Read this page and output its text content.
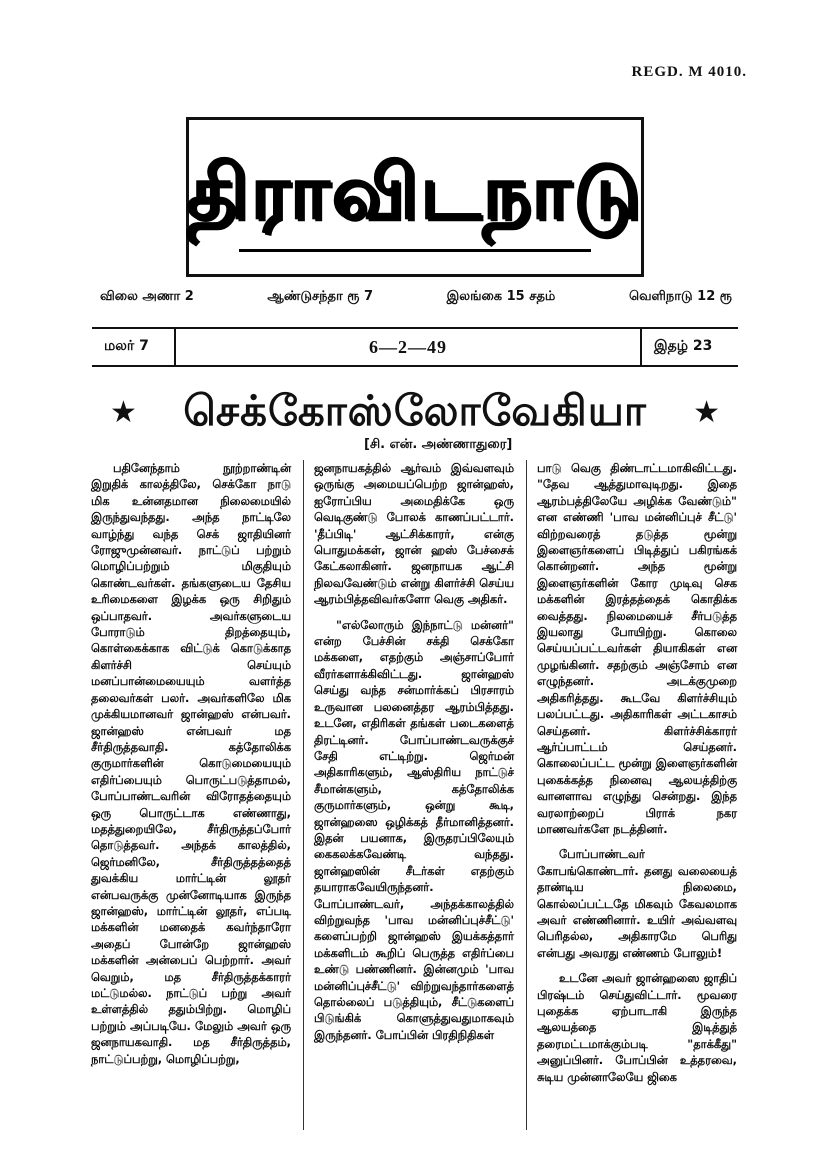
REGD. M 4010.
திராவிடநாடு
விலை அணா 2	ஆண்டுசந்தா ரூ 7	இலங்கை 15 சதம்	வெளிநாடு 12 ரூ
மலர் 7	6—2—49	இதழ் 23
★ செக்கோஸ்லோவேகியா ★
[சி. என். அண்ணாதுரை]

பதினேந்தாம் நூற்றாண்டின் இறுதிக் காலத்திலே, செக்கோ நாடு மிக உன்னதமான நிலைமையில் இருந்துவந்தது. அந்த நாட்டிலே வாழ்ந்து வந்த செக் ஜாதியினர் ரோஜுமுன்னவர். நாட்டுப் பற்றும் மொழிப்பற்றும் மிகுதியும் கொண்டவர்கள். தங்களுடைய தேசிய உரிமைகளை இழக்க ஒரு சிறிதும் ஒப்பாதவர். அவர்களுடைய போராடும் திறத்தையும், கொள்கைக்காக விட்டுக் கொடுக்காத கிளர்ச்சி செய்யும் மனப்பான்மையையும் வளர்த்த தலைவர்கள் பலர். அவர்களிலே மிக முக்கியமானவர் ஜான்ஹஸ் என்பவர். ஜான்ஹஸ் என்பவர் மத சீர்திருத்தவாதி. கத்தோலிக்க குருமார்களின் கொடுமையையும் எதிர்ப்பையும் பொருட்படுத்தாமல், போப்பாண்டவரின் விரோதத்தையும் ஒரு பொருட்டாக எண்ணாது, மதத்துறையிலே, சீர்திருத்தப்போர் தொடுத்தவர். அந்தக் காலத்தில், ஜெர்மனிலே, சீர்திருத்தத்தைத் துவக்கிய மார்ட்டின் லூதர் என்பவருக்கு முன்னோடியாக இருந்த ஜான்ஹஸ், மார்ட்டின் லூதர், எப்படி மக்களின் மனதைக் கவர்ந்தாரோ அதைப் போன்றே ஜான்ஹஸ் மக்களின் அன்பைப் பெற்றார். அவர் வெறும், மத சீர்திருத்தக்காரர் மட்டுமல்ல. நாட்டுப் பற்று அவர் உள்ளத்தில் ததும்பிற்று. மொழிப் பற்றும் அப்படியே. மேலும் அவர் ஒரு ஜனநாயகவாதி. மத சீர்திருத்தம், நாட்டுப்பற்று, மொழிப்பற்று,

ஜனநாயகத்தில் ஆர்வம் இவ்வளவும் ஒருங்கு அமையப்பெற்ற ஜான்ஹஸ், ஐரோப்பிய அமைதிக்கே ஒரு வெடிகுண்டு போலக் காணப்பட்டார். 'தீப்பிடி' ஆட்சிக்காரர், என்கு பொதுமக்கள், ஜான் ஹஸ் பேச்சைக் கேட்கலாகினர். ஜனநாயக ஆட்சி நிலவவேண்டும் என்று கிளர்ச்சி செய்ய ஆரம்பித்தவிவர்களோ வெகு அதிகர்.

"எல்லோரும் இந்நாட்டு மன்னர்" என்ற பேச்சின் சக்தி செக்கோ மக்களை, எதற்கும் அஞ்சாப்போர் வீரர்களாக்கிவிட்டது. ஜான்ஹஸ் செய்து வந்த சன்மார்க்கப் பிரசாரம் உருவான பலனைத்தர ஆரம்பித்தது. உடனே, எதிரிகள் தங்கள் படைகளைத் திரட்டினர். போப்பாண்டவருக்குச் சேதி எட்டிற்று. ஜெர்மன் அதிகாரிகளும், ஆஸ்திரிய நாட்டுச் சீமான்களும், கத்தோலிக்க குருமார்களும், ஒன்று கூடி, ஜான்ஹஸை ஒழிக்கத் தீர்மானித்தனர். இதன் பயனாக, இருதரப்பிலேயும் கைகலக்கவேண்டி வந்தது. ஜான்ஹஸின் சீடர்கள் எதற்கும் தயாராகவேயிருந்தனர். போப்பாண்டவர், அந்தக்காலத்தில் விற்றுவந்த 'பாவ மன்னிப்புச்சீட்டு' களைப்பற்றி ஜான்ஹஸ் இயக்கத்தார் மக்களிடம் கூறிப் பெருத்த எதிர்ப்பை உண்டு பண்ணினர். இன்னமும் 'பாவ மன்னிப்புச்சீட்டு' விற்றுவந்தார்களைத் தொல்லைப் படுத்தியும், சீட்டுகளைப் பிடுங்கிக் கொளுத்துவதுமாகவும் இருந்தனர். போப்பின் பிரதிநிதிகள்

பாடு வெகு திண்டாட்டமாகிவிட்டது. "தேவ ஆத்துமாவுடிறது. இதை ஆரம்பத்திலேயே அழிக்க வேண்டும்" என எண்ணி 'பாவ மன்னிப்புச் சீட்டு' விற்றவரைத் தடுத்த மூன்று இளைஞர்களைப் பிடித்துப் பகிரங்கக் கொன்றனர். அந்த மூன்று இளைஞர்களின் கோர முடிவு செக மக்களின் இரத்தத்தைக் கொதிக்க வைத்தது. நிலமையைச் சீர்படுத்த இயலாது போயிற்று. கொலை செய்யப்பட்டவர்கள் தியாகிகள் என முழங்கினர். சதற்கும் அஞ்சோம் என எழுந்தனர். அடக்குமுறை அதிகரித்தது. கூடவே கிளர்ச்சியும் பலப்பட்டது. அதிகாரிகள் அட்டகாசம் செய்தனர். கிளர்ச்சிக்காரர் ஆர்ப்பாட்டம் செய்தனர். கொலைப்பட்ட மூன்று இளைஞர்களின் புகைக்கத்த நினைவு ஆலயத்திற்கு வானளாவ எழுந்து சென்றது. இந்த வரலாற்றைப் பிராக் நகர மாணவர்களே நடத்தினர்.

போப்பாண்டவர் கோபங்கொண்டார். தனது வலையைத் தாண்டிய நிலைமை, கொல்லப்பட்டதே மிகவும் கேவலமாக அவர் எண்ணினார். உயிர் அவ்வளவு பெரிதல்ல, அதிகாரமே பெரிது என்பது அவரது எண்ணம் போலும்!

உடனே அவர் ஜான்ஹஸை ஜாதிப் பிரஷ்டம் செய்துவிட்டார். மூவரை புதைக்க ஏற்பாடாகி இருந்த ஆலயத்தை இடித்துத் தரைமட்டமாக்கும்படி "தாக்கீது" அனுப்பினர். போப்பின் உத்தரவை, சுடிய முன்னாலேயே ஜிகை
